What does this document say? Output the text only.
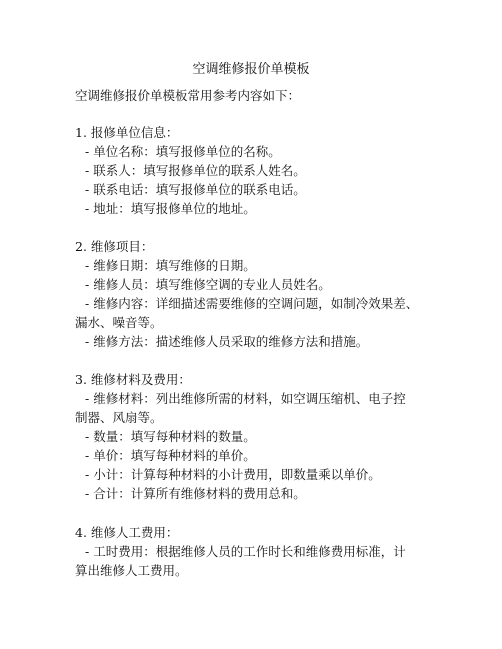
空调维修报价单模板
空调维修报价单模板常用参考内容如下：
1. 报修单位信息：
- 单位名称：填写报修单位的名称。
- 联系人：填写报修单位的联系人姓名。
- 联系电话：填写报修单位的联系电话。
- 地址：填写报修单位的地址。
2. 维修项目：
- 维修日期：填写维修的日期。
- 维修人员：填写维修空调的专业人员姓名。
- 维修内容：详细描述需要维修的空调问题，如制冷效果差、
漏水、噪音等。
- 维修方法：描述维修人员采取的维修方法和措施。
3. 维修材料及费用：
- 维修材料：列出维修所需的材料，如空调压缩机、电子控
制器、风扇等。
- 数量：填写每种材料的数量。
- 单价：填写每种材料的单价。
- 小计：计算每种材料的小计费用，即数量乘以单价。
- 合计：计算所有维修材料的费用总和。
4. 维修人工费用：
- 工时费用：根据维修人员的工作时长和维修费用标准，计
算出维修人工费用。
